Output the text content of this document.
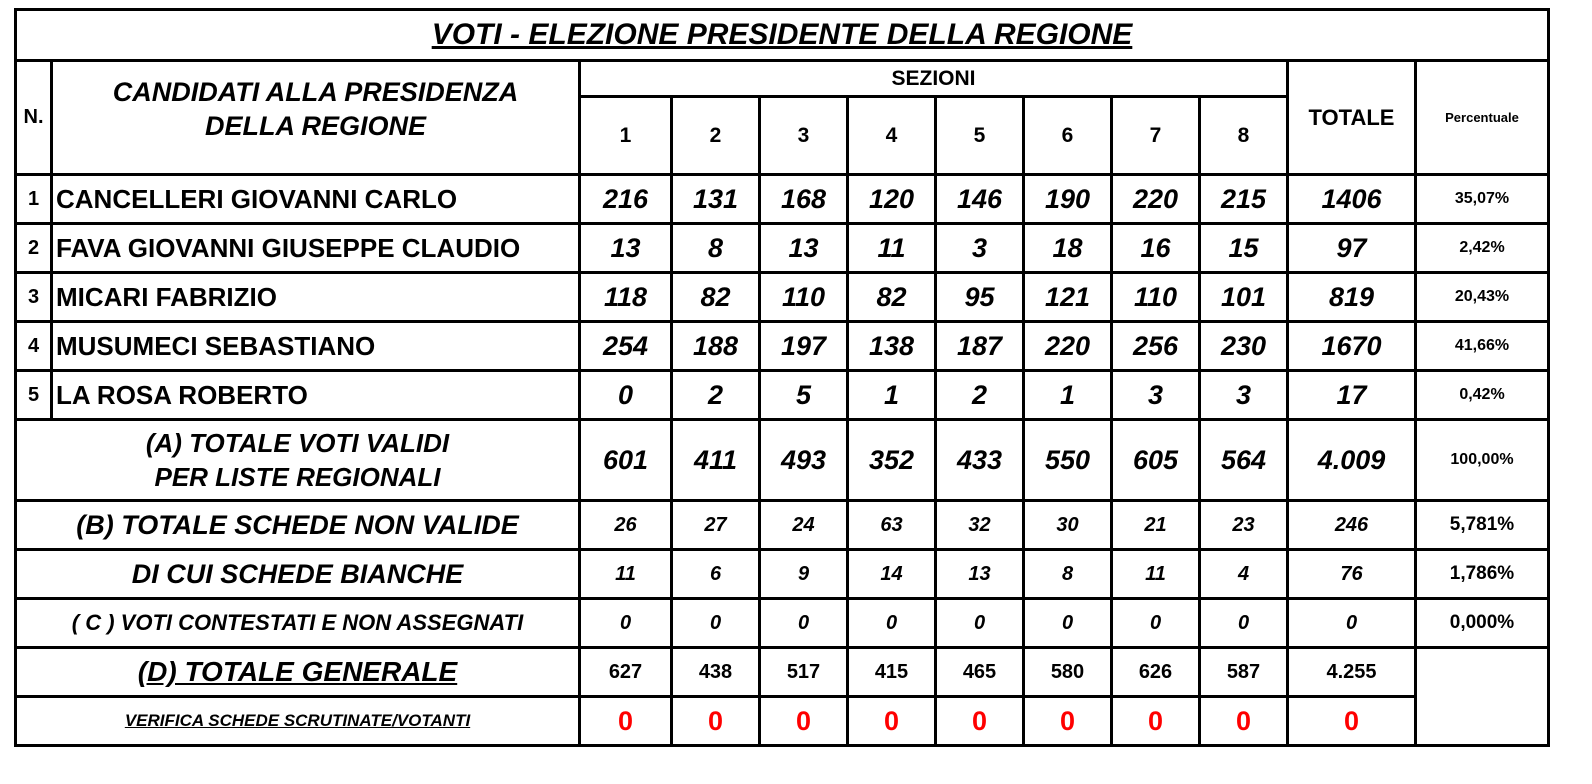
VOTI - ELEZIONE PRESIDENTE DELLA REGIONE											
N.	CANDIDATI ALLA PRESIDENZA
DELLA REGIONE	SEZIONI								TOTALE	Percentuale
		1	2	3	4	5	6	7	8		
1	CANCELLERI GIOVANNI CARLO	216	131	168	120	146	190	220	215	1406	35,07%
2	FAVA GIOVANNI GIUSEPPE CLAUDIO	13	8	13	11	3	18	16	15	97	2,42%
3	MICARI FABRIZIO	118	82	110	82	95	121	110	101	819	20,43%
4	MUSUMECI SEBASTIANO	254	188	197	138	187	220	256	230	1670	41,66%
5	LA ROSA ROBERTO	0	2	5	1	2	1	3	3	17	0,42%

(A) TOTALE VOTI VALIDI
PER LISTE REGIONALI		601	411	493	352	433	550	605	564	4.009	100,00%
(B) TOTALE SCHEDE NON VALIDE		26	27	24	63	32	30	21	23	246	5,781%
DI CUI SCHEDE BIANCHE		11	6	9	14	13	8	11	4	76	1,786%
( C ) VOTI CONTESTATI E NON ASSEGNATI		0	0	0	0	0	0	0	0	0	0,000%
(D) TOTALE GENERALE		627	438	517	415	465	580	626	587	4.255	
VERIFICA SCHEDE SCRUTINATE/VOTANTI		0	0	0	0	0	0	0	0	0	
